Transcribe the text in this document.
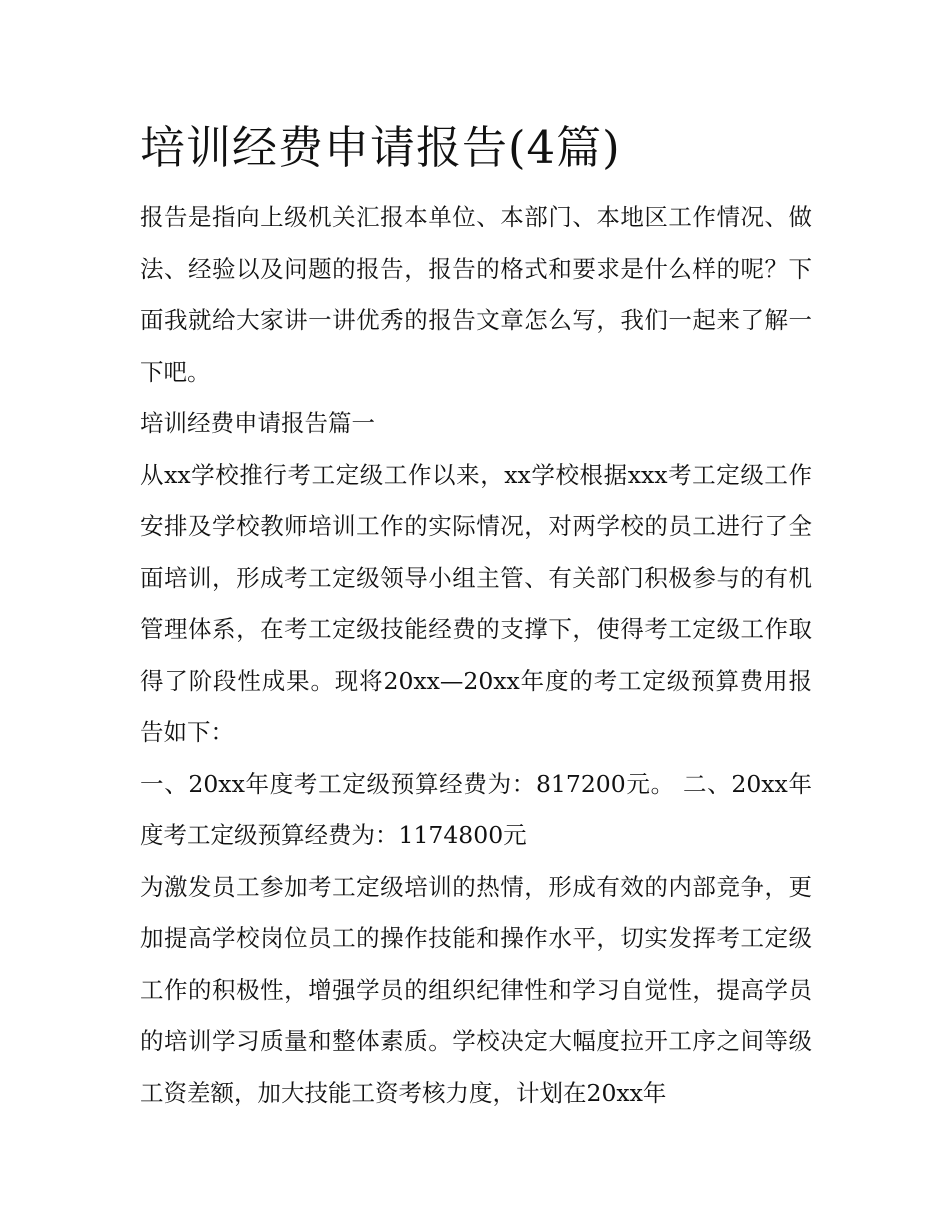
培训经费申请报告(4篇)

报告是指向上级机关汇报本单位、本部门、本地区工作情况、做法、经验以及问题的报告，报告的格式和要求是什么样的呢？下面我就给大家讲一讲优秀的报告文章怎么写，我们一起来了解一下吧。

培训经费申请报告篇一

从xx学校推行考工定级工作以来，xx学校根据xxx考工定级工作安排及学校教师培训工作的实际情况，对两学校的员工进行了全面培训，形成考工定级领导小组主管、有关部门积极参与的有机管理体系，在考工定级技能经费的支撑下，使得考工定级工作取得了阶段性成果。现将20xx—20xx年度的考工定级预算费用报告如下：

一、20xx年度考工定级预算经费为：817200元。 二、20xx年度考工定级预算经费为：1174800元

为激发员工参加考工定级培训的热情，形成有效的内部竞争，更加提高学校岗位员工的操作技能和操作水平，切实发挥考工定级工作的积极性，增强学员的组织纪律性和学习自觉性，提高学员的培训学习质量和整体素质。学校决定大幅度拉开工序之间等级工资差额，加大技能工资考核力度，计划在20xx年
